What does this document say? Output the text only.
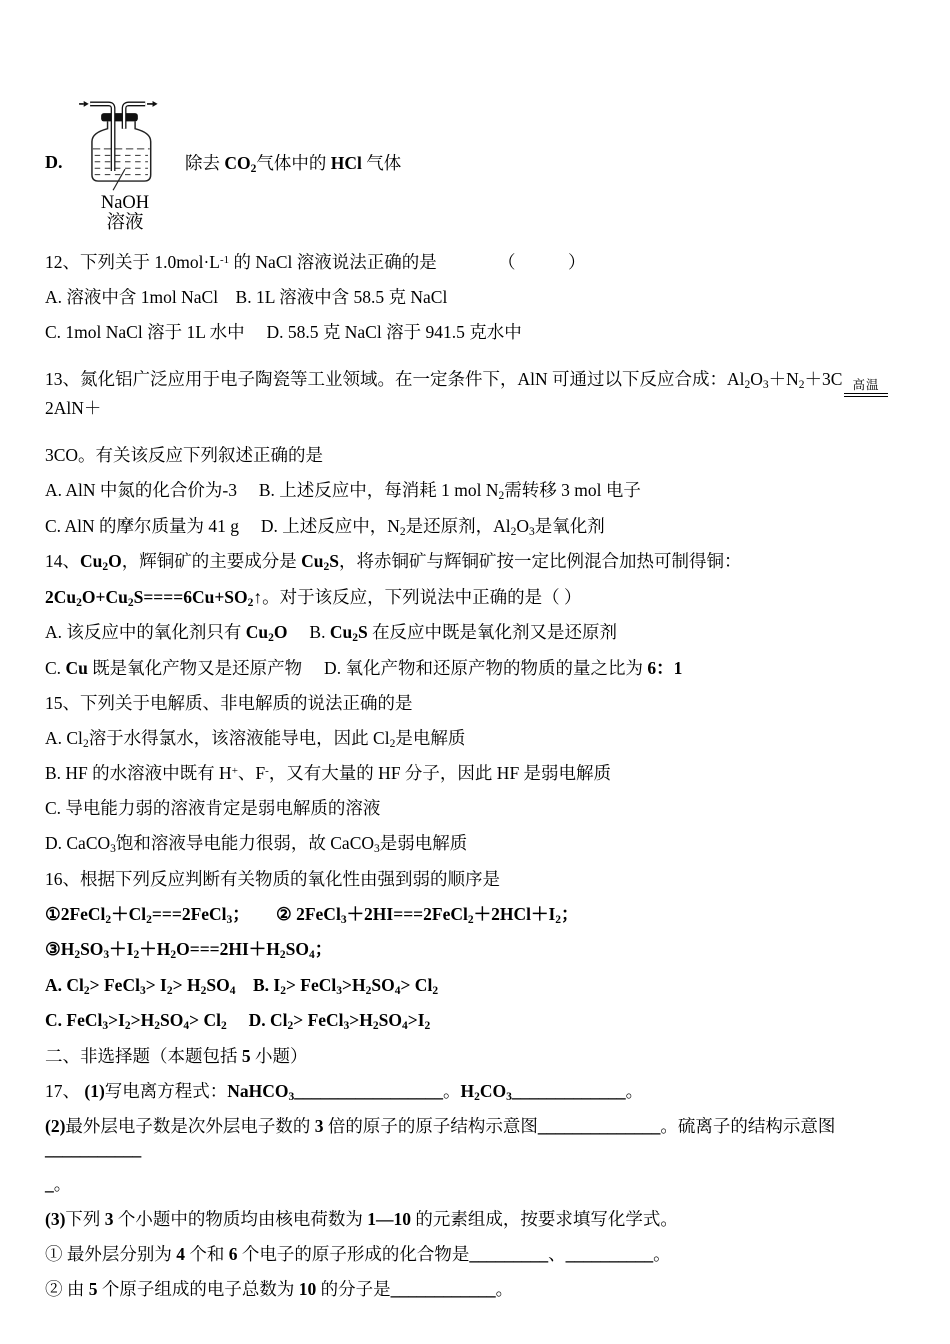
D.
NaOH
溶液
除去 $CO_2$气体中的 HCl 气体
12、下列关于 $1.0mol\cdot L^{-1}$ 的 NaCl 溶液说法正确的是　　　　（　　　）
A. 溶液中含 1mol NaCl　B. 1L 溶液中含 58.5 克 NaCl
C. 1mol NaCl 溶于 1L 水中　 D. 58.5 克 NaCl 溶于 941.5 克水中
13、氮化铝广泛应用于电子陶瓷等工业领域。在一定条件下，AlN 可通过以下反应合成：$Al_2O_3+N_2+3C$ 高温 2AlN＋
3CO。有关该反应下列叙述正确的是
A. AlN 中氮的化合价为-3　 B. 上述反应中，每消耗 1 mol $N_2$需转移 3 mol 电子
C. AlN 的摩尔质量为 41 g　 D. 上述反应中，$N_2$是还原剂，$Al_2O_3$是氧化剂
14、$Cu_2O$，辉铜矿的主要成分是 $Cu_2S$，将赤铜矿与辉铜矿按一定比例混合加热可制得铜：
$2Cu_2O+Cu_2S====6Cu+SO_2↑$。对于该反应，下列说法中正确的是（ ）
A. 该反应中的氧化剂只有 $Cu_2O$　 B. $Cu_2S$ 在反应中既是氧化剂又是还原剂
C. Cu 既是氧化产物又是还原产物　 D. 氧化产物和还原产物的物质的量之比为 6：1
15、下列关于电解质、非电解质的说法正确的是
A. $Cl_2$溶于水得氯水，该溶液能导电，因此 $Cl_2$是电解质
B. HF 的水溶液中既有 H+、F-，又有大量的 HF 分子，因此 HF 是弱电解质
C. 导电能力弱的溶液肯定是弱电解质的溶液
D. CaCO$_3$饱和溶液导电能力很弱，故 CaCO$_3$是弱电解质
16、根据下列反应判断有关物质的氧化性由强到弱的顺序是
$①2FeCl_2+Cl_2===2FeCl_3$；　　 ② $2FeCl_3+2HI===2FeCl_2+2HCl+I_2$；
$③H_2SO_3+I_2+H_2O===2HI+H_2SO_4$；
A. $Cl_2>$ FeCl$_3$> $I_2> H_2SO_4$　B. $I_2>$ $FeCl_3>H_2SO_4> Cl_2$
C. $FeCl_3>I_2>H_2SO_4> Cl_2$　 D. $Cl_2>$ $FeCl_3>H_2SO_4>I_2$
二、非选择题（本题包括 5 小题）
17、 (1)写电离方程式：NaHCO$_3$_________________。$H_2CO_3\_\_\_\_\_\_\_\_\_\_\_\_\_$。
(2)最外层电子数是次外层电子数的 3 倍的原子的原子结构示意图______________。硫离子的结构示意图___________
_。
(3)下列 3 个小题中的物质均由核电荷数为 1—10 的元素组成，按要求填写化学式。
① 最外层分别为 4 个和 6 个电子的原子形成的化合物是_________、__________。
② 由 5 个原子组成的电子总数为 10 的分子是____________。
